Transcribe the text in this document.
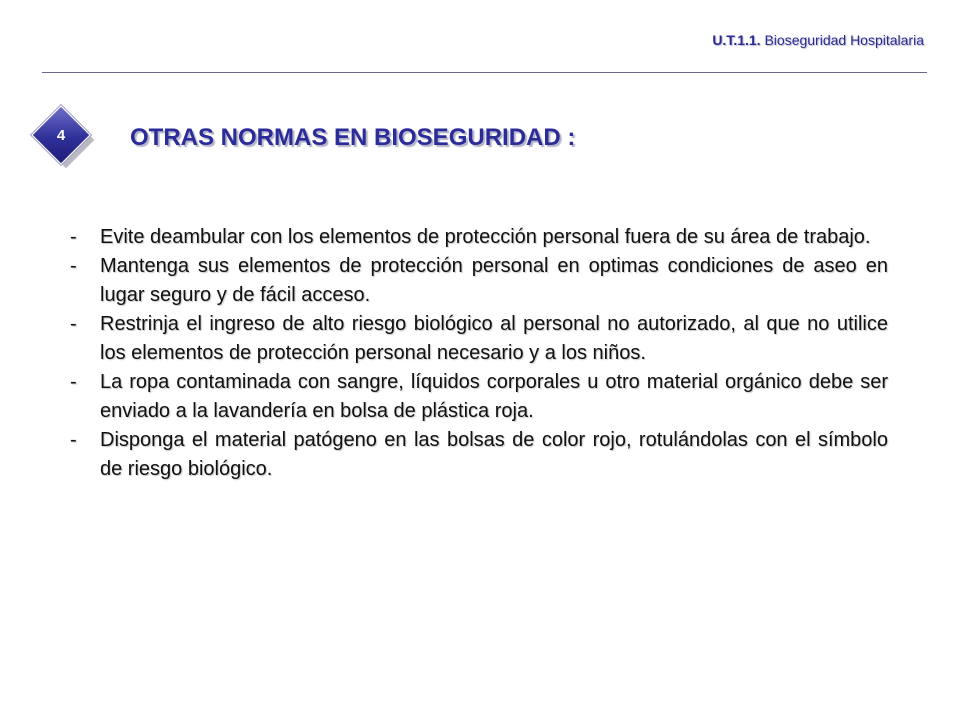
U.T.1.1. Bioseguridad Hospitalaria
4	OTRAS NORMAS EN BIOSEGURIDAD :
-	Evite deambular con los elementos de protección personal fuera de su área de trabajo.
-	Mantenga sus elementos de protección personal en optimas condiciones de aseo en lugar seguro y de fácil acceso.
-	Restrinja el ingreso de alto riesgo biológico al personal no autorizado, al que no utilice los elementos de protección personal necesario y a los niños.
-	La ropa contaminada con sangre, líquidos corporales u otro material orgánico debe ser enviado a la lavandería en bolsa de plástica roja.
-	Disponga el material patógeno en las bolsas de color rojo, rotulándolas con el símbolo de riesgo biológico.
